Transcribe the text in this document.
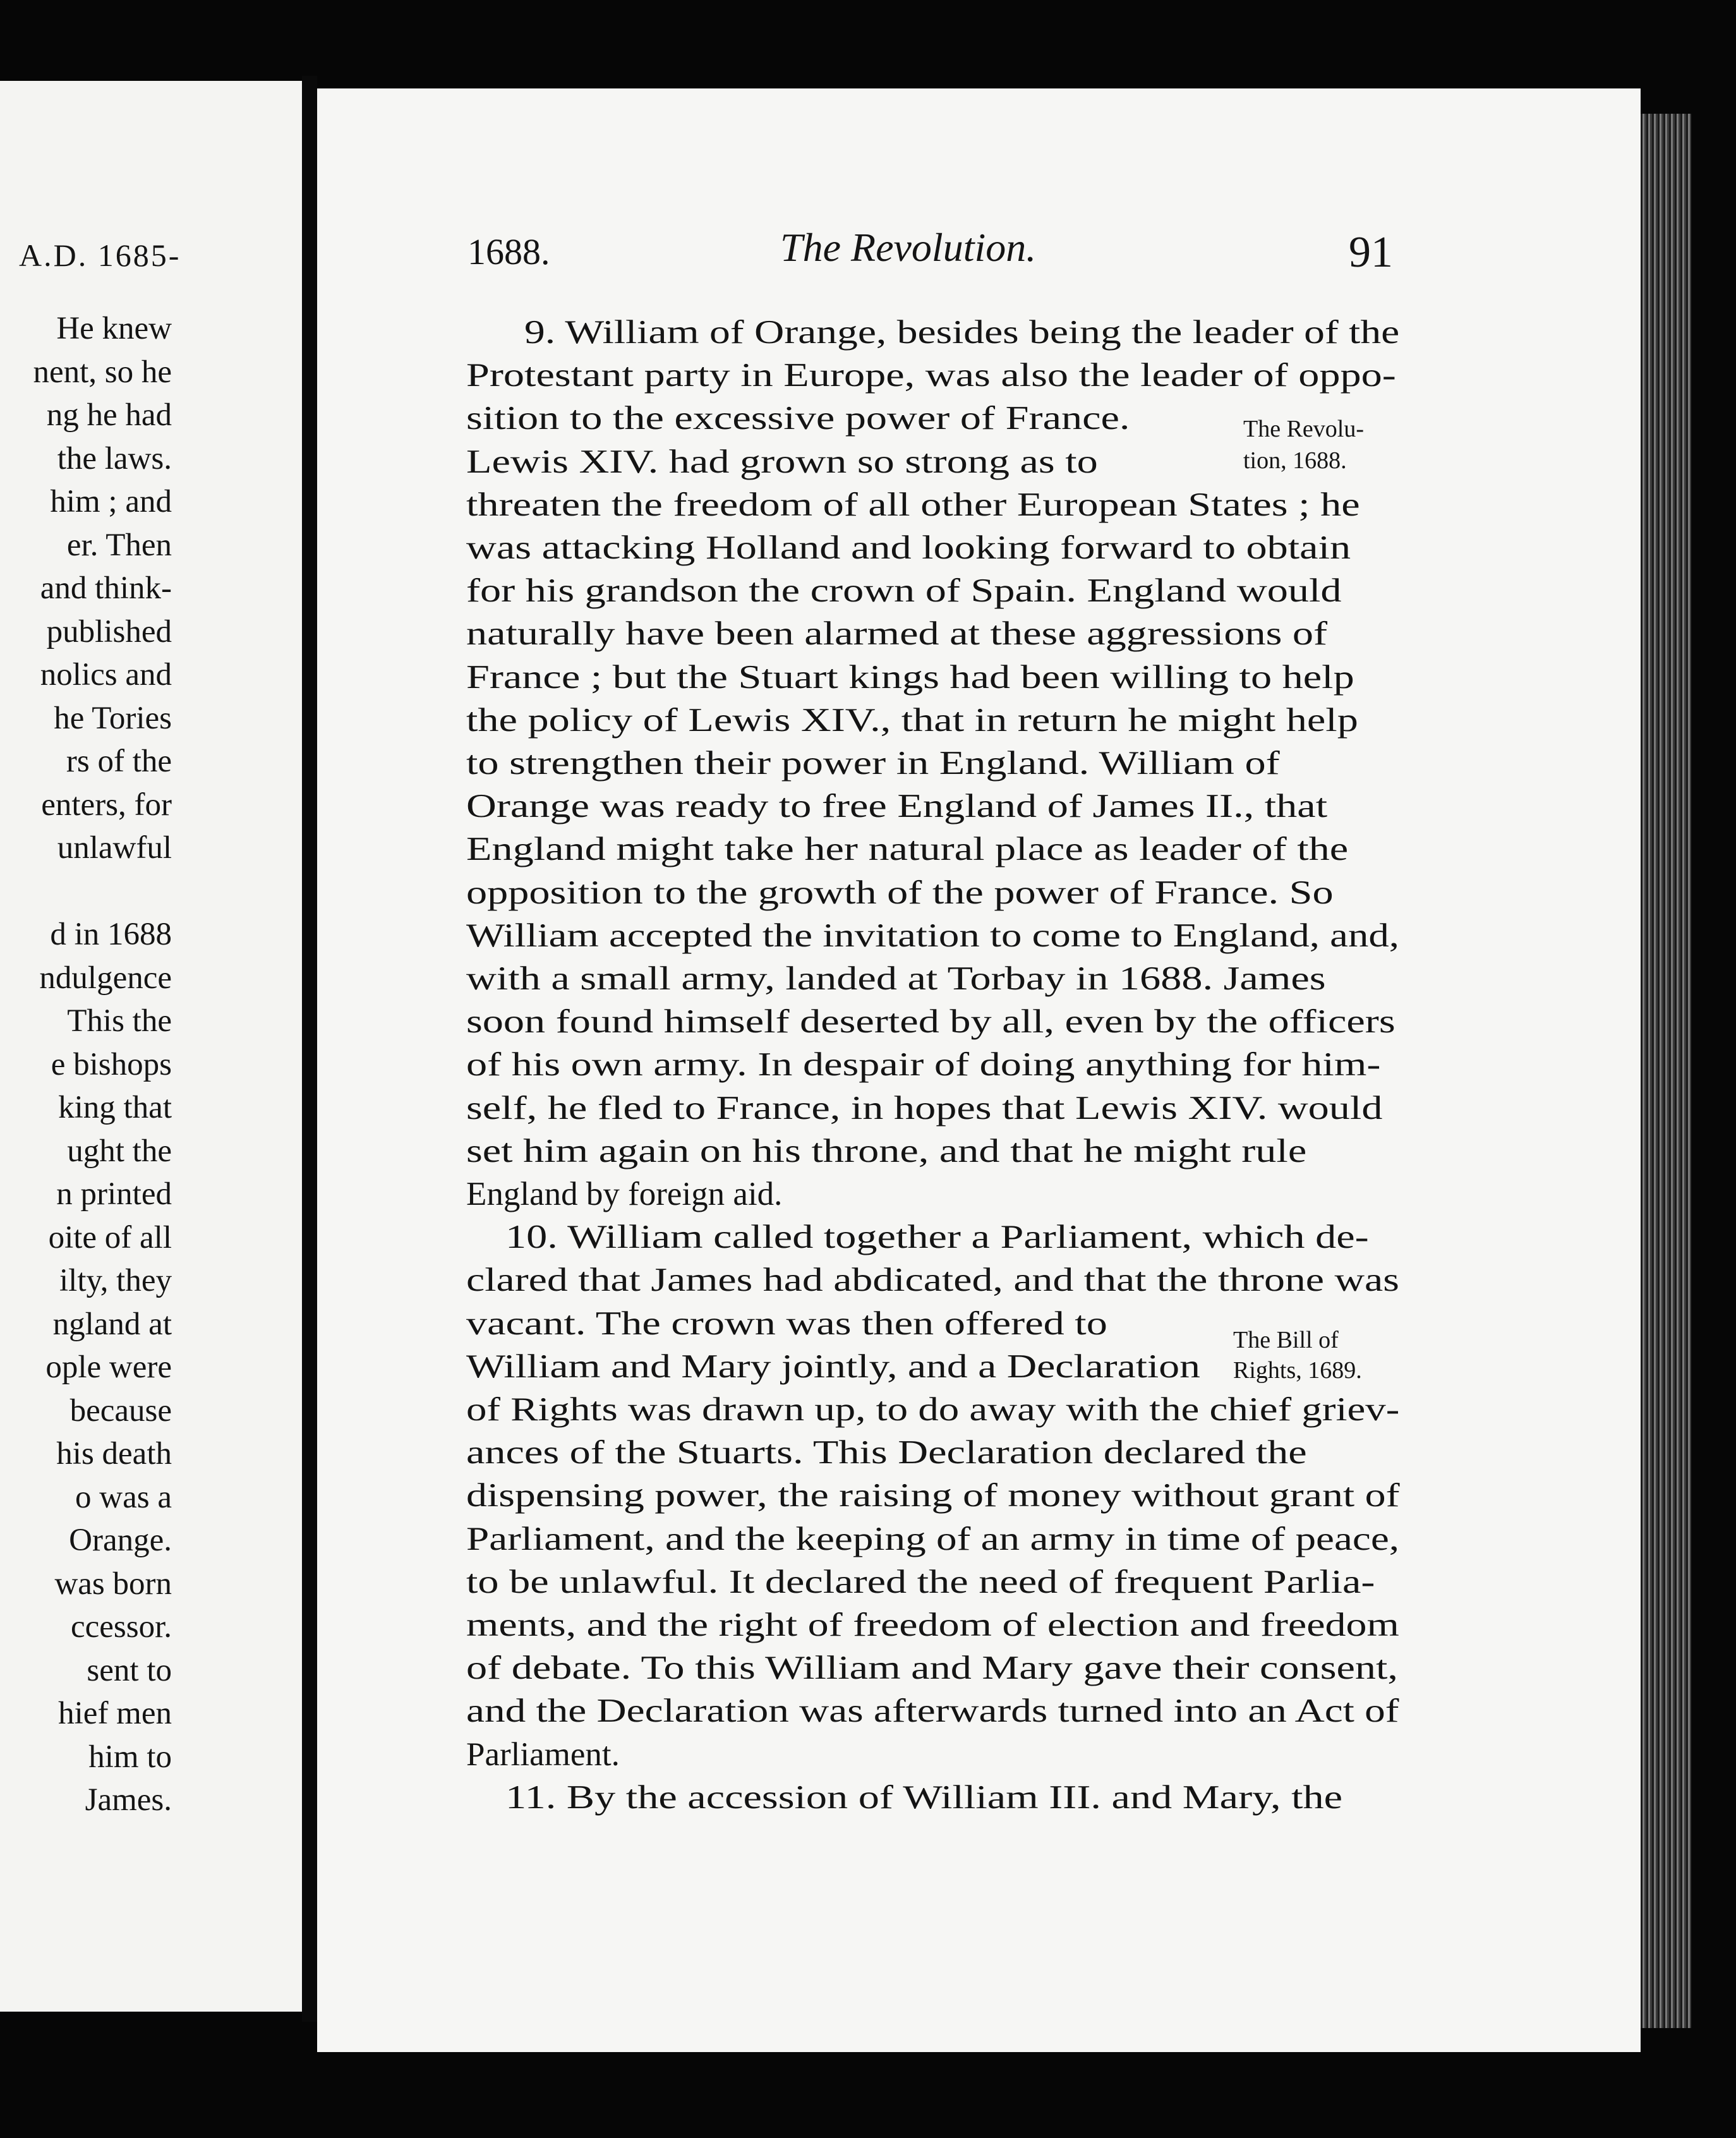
A.D. 1685-
He knew
nent, so he
ng he had
the laws.
him ; and
er. Then
and think-
published
nolics and
he Tories
rs of the
enters, for
unlawful
d in 1688
ndulgence
This the
e bishops
king that
ught the
n printed
oite of all
ilty, they
ngland at
ople were
because
his death
o was a
Orange.
was born
ccessor.
sent to
hief men
him to
James.
1688.	The Revolution.	91
9. William of Orange, besides being the leader of the
Protestant party in Europe, was also the leader of oppo-
sition to the excessive power of France.
Lewis XIV. had grown so strong as to
threaten the freedom of all other European States ; he
was attacking Holland and looking forward to obtain
for his grandson the crown of Spain. England would
naturally have been alarmed at these aggressions of
France ; but the Stuart kings had been willing to help
the policy of Lewis XIV., that in return he might help
to strengthen their power in England. William of
Orange was ready to free England of James II., that
England might take her natural place as leader of the
opposition to the growth of the power of France. So
William accepted the invitation to come to England, and,
with a small army, landed at Torbay in 1688. James
soon found himself deserted by all, even by the officers
of his own army. In despair of doing anything for him-
self, he fled to France, in hopes that Lewis XIV. would
set him again on his throne, and that he might rule
England by foreign aid.
10. William called together a Parliament, which de-
clared that James had abdicated, and that the throne was
vacant. The crown was then offered to
William and Mary jointly, and a Declaration
of Rights was drawn up, to do away with the chief griev-
ances of the Stuarts. This Declaration declared the
dispensing power, the raising of money without grant of
Parliament, and the keeping of an army in time of peace,
to be unlawful. It declared the need of frequent Parlia-
ments, and the right of freedom of election and freedom
of debate. To this William and Mary gave their consent,
and the Declaration was afterwards turned into an Act of
Parliament.
11. By the accession of William III. and Mary, the
The Revolu-
tion, 1688.
The Bill of
Rights, 1689.
